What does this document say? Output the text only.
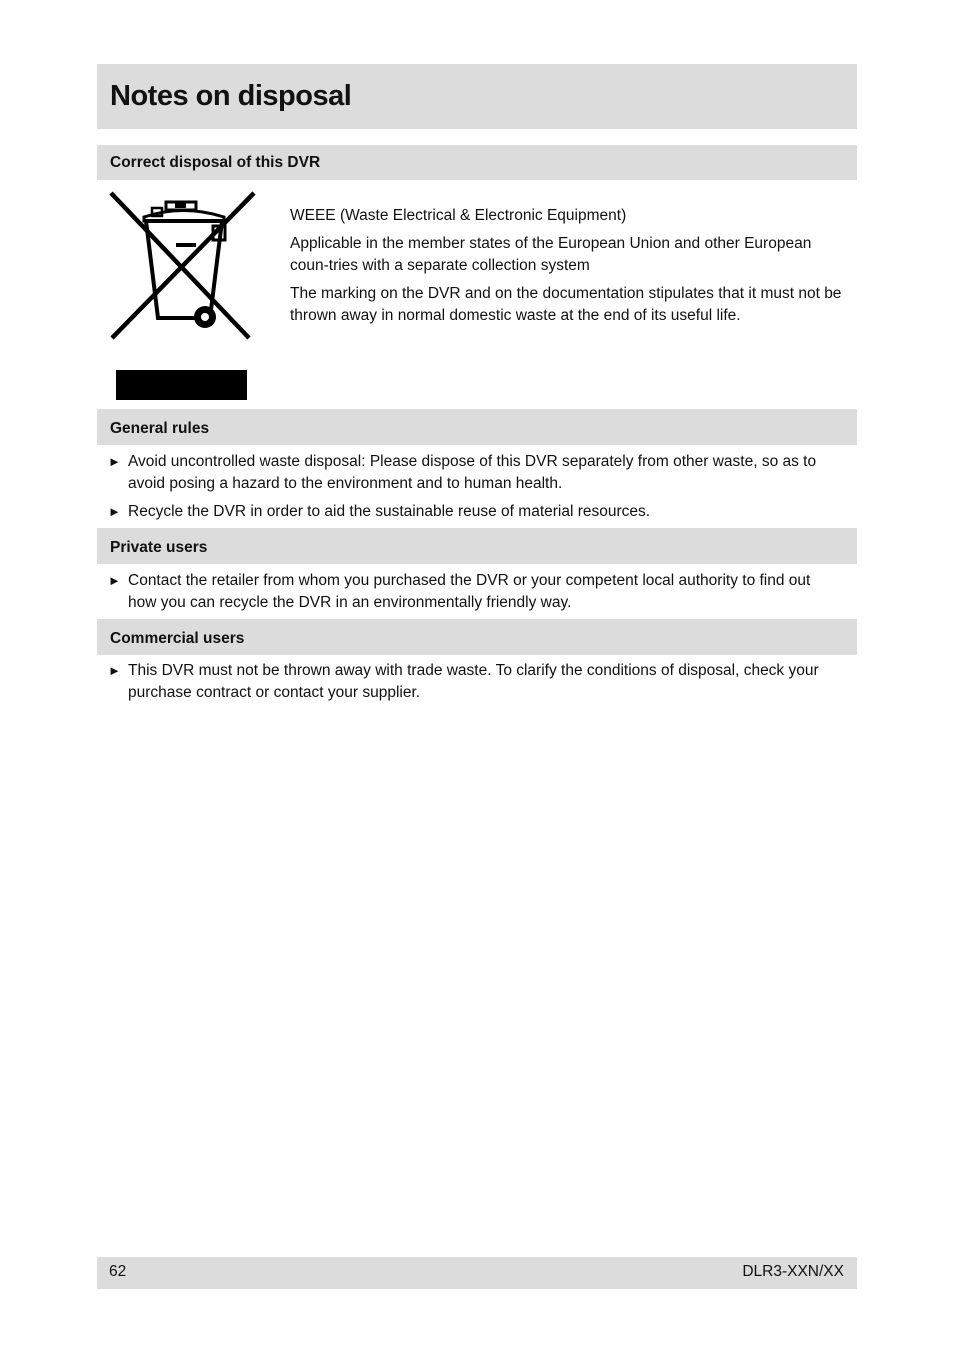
Notes on disposal
Correct disposal of this DVR

WEEE (Waste Electrical & Electronic Equipment)

Applicable in the member states of the European Union and other European coun-tries with a separate collection system

The marking on the DVR and on the documentation stipulates that it must not be thrown away in normal domestic waste at the end of its useful life.

General rules
► Avoid uncontrolled waste disposal: Please dispose of this DVR separately from other waste, so as to avoid posing a hazard to the environment and to human health.
► Recycle the DVR in order to aid the sustainable reuse of material resources.
Private users
► Contact the retailer from whom you purchased the DVR or your competent local authority to find out how you can recycle the DVR in an environmentally friendly way.
Commercial users
► This DVR must not be thrown away with trade waste. To clarify the conditions of disposal, check your purchase contract or contact your supplier.
62	DLR3-XXN/XX
